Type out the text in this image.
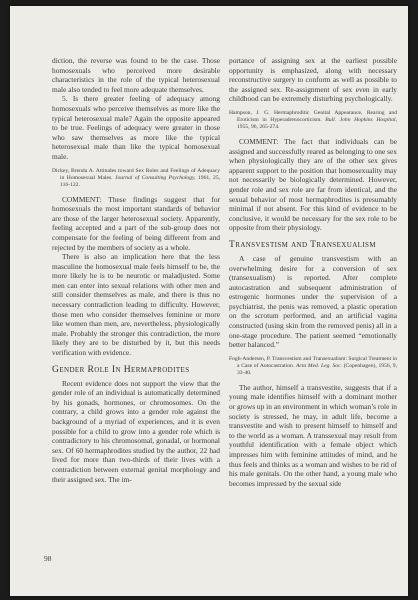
diction, the reverse was found to be the case. Those homosexuals who perceived more desirable characteristics in the role of the typical heterosexual male also tended to feel more adequate themselves.

5. Is there greater feeling of adequacy among homosexuals who perceive themselves as more like the typical heterosexual male? Again the opposite appeared to be true. Feelings of adequacy were greater in those who saw themselves as more like the typical heterosexual male than like the typical homosexual male.

Dickey, Brenda A. Attitudes toward Sex Roles and Feelings of Adequacy in Homosexual Males. Journal of Consulting Psychology, 1961, 25, 116-122.

COMMENT: These findings suggest that for homosexuals the most important standards of behavior are those of the larger heterosexual society. Apparently, feeling accepted and a part of the sub-group does not compensate for the feeling of being different from and rejected by the members of society as a whole.

There is also an implication here that the less masculine the homosexual male feels himself to be, the more likely he is to be neurotic or maladjusted. Some men can enter into sexual relations with other men and still consider themselves as male, and there is thus no necessary contradiction leading to difficulty. However, those men who consider themselves feminine or more like women than men, are, nevertheless, physiologically male. Probably the stronger this contradiction, the more likely they are to be disturbed by it, but this needs verification with evidence.

Gender Role In Hermaprodites

Recent evidence does not support the view that the gender role of an individual is automatically determined by his gonads, hormones, or chromosomes. On the contrary, a child grows into a gender role against the background of a myriad of experiences, and it is even possible for a child to grow into a gender role which is contradictory to his chromosomal, gonadal, or hormonal sex. Of 60 hermaphrodites studied by the author, 22 had lived for more than two-thirds of their lives with a contradiction between external genital morphology and their assigned sex. The im-

portance of assigning sex at the earliest possible opportunity is emphasized, along with necessary reconstructive surgery to conform as well as possible to the assigned sex. Re-assignment of sex even in early childhood can be extremely disturbing psychologically.

Hampson, J. G. Hermaphroditic Genital Appearance, Rearing and Eroticism in Hyperadrenocorticism. Bull. John Hopkins Hospital, 1955, 96, 265-274.

COMMENT: The fact that individuals can be assigned and successfully reared as belonging to one sex when physiologically they are of the other sex gives apparent support to the position that homosexuality may not necessarily be biologically determined. However, gender role and sex role are far from identical, and the sexual behavior of most hermaphrodites is presumably minimal if not absent. For this kind of evidence to be conclusive, it would be necessary for the sex role to be opposite from their physiology.

Transvestism and Transexualism

A case of genuine transvestism with an overwhelming desire for a conversion of sex (transexualism) is reported. After complete autocastration and subsequent administration of estrogenic hormones under the supervision of a psychiatrist, the penis was removed, a plastic operation on the scrotum performed, and an artificial vagina constructed (using skin from the removed penis) all in a one-stage procedure. The patient seemed “emotionally better balanced.”

Fogh-Andersen, P. Transvestism and Transexualism: Surgical Treatment in a Case of Autocastration. Acta Med. Leg. Soc. (Copenhagen), 1956, 9, 33-40.

The author, himself a transvestite, suggests that if a young male identifies himself with a dominant mother or grows up in an environment in which woman’s role in society is stressed, he may, in adult life, become a transvestite and wish to present himself to himself and to the world as a woman. A transsexual may result from youthful identification with a female object which impresses him with feminine attitudes of mind, and he thus feels and thinks as a woman and wishes to be rid of his male genitals. On the other hand, a young male who becomes impressed by the sexual side

98
